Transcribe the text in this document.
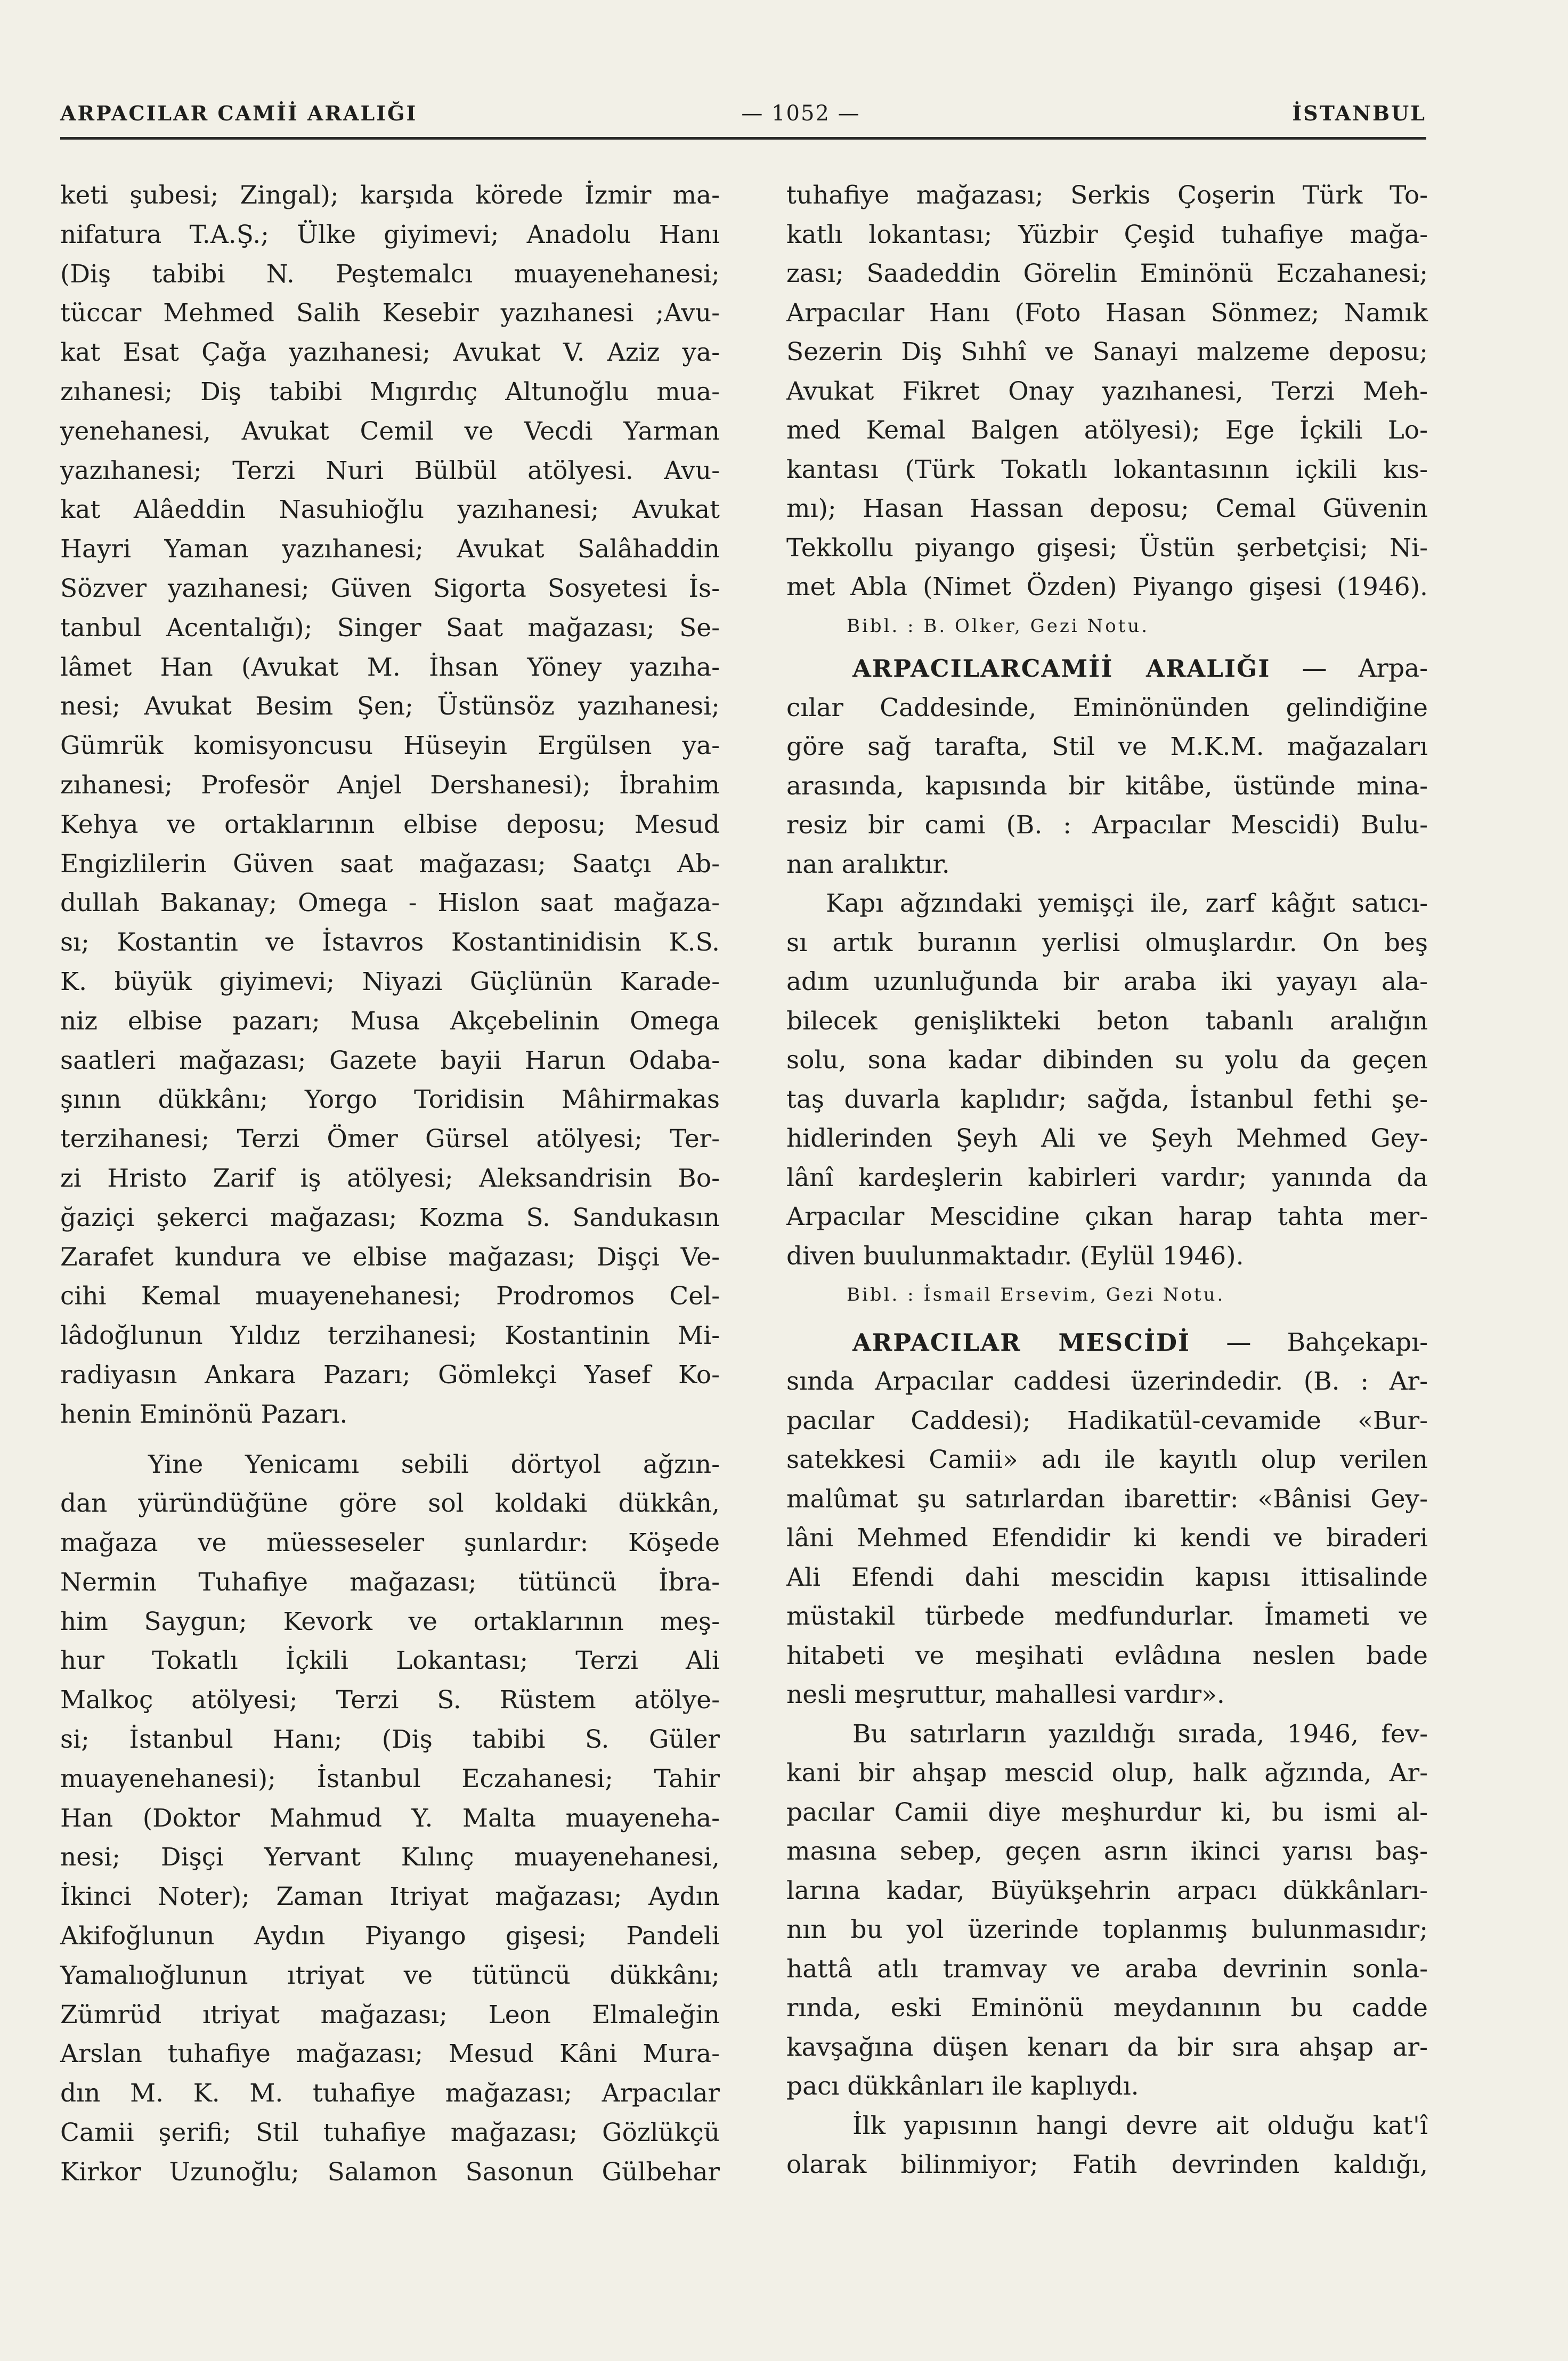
ARPACILAR CAMİİ ARALIĞI	— 1052 —	İSTANBUL
keti şubesi; Zingal); karşıda körede İzmir ma-
nifatura T.A.Ş.; Ülke giyimevi; Anadolu Hanı
(Diş tabibi N. Peştemalcı muayenehanesi;
tüccar Mehmed Salih Kesebir yazıhanesi ;Avu-
kat Esat Çağa yazıhanesi; Avukat V. Aziz ya-
zıhanesi; Diş tabibi Mıgırdıç Altunoğlu mua-
yenehanesi, Avukat Cemil ve Vecdi Yarman
yazıhanesi; Terzi Nuri Bülbül atölyesi. Avu-
kat Alâeddin Nasuhioğlu yazıhanesi; Avukat
Hayri Yaman yazıhanesi; Avukat Salâhaddin
Sözver yazıhanesi; Güven Sigorta Sosyetesi İs-
tanbul Acentalığı); Singer Saat mağazası; Se-
lâmet Han (Avukat M. İhsan Yöney yazıha-
nesi; Avukat Besim Şen; Üstünsöz yazıhanesi;
Gümrük komisyoncusu Hüseyin Ergülsen ya-
zıhanesi; Profesör Anjel Dershanesi); İbrahim
Kehya ve ortaklarının elbise deposu; Mesud
Engizlilerin Güven saat mağazası; Saatçı Ab-
dullah Bakanay; Omega - Hislon saat mağaza-
sı; Kostantin ve İstavros Kostantinidisin K.S.
K. büyük giyimevi; Niyazi Güçlünün Karade-
niz elbise pazarı; Musa Akçebelinin Omega
saatleri mağazası; Gazete bayii Harun Odaba-
şının dükkânı; Yorgo Toridisin Mâhirmakas
terzihanesi; Terzi Ömer Gürsel atölyesi; Ter-
zi Hristo Zarif iş atölyesi; Aleksandrisin Bo-
ğaziçi şekerci mağazası; Kozma S. Sandukasın
Zarafet kundura ve elbise mağazası; Dişçi Ve-
cihi Kemal muayenehanesi; Prodromos Cel-
lâdoğlunun Yıldız terzihanesi; Kostantinin Mi-
radiyasın Ankara Pazarı; Gömlekçi Yasef Ko-
henin Eminönü Pazarı.
Yine Yenicamı sebili dörtyol ağzın-
dan yüründüğüne göre sol koldaki dükkân,
mağaza ve müesseseler şunlardır: Köşede
Nermin Tuhafiye mağazası; tütüncü İbra-
him Saygun; Kevork ve ortaklarının meş-
hur Tokatlı İçkili Lokantası; Terzi Ali
Malkoç atölyesi; Terzi S. Rüstem atölye-
si; İstanbul Hanı; (Diş tabibi S. Güler
muayenehanesi); İstanbul Eczahanesi; Tahir
Han (Doktor Mahmud Y. Malta muayeneha-
nesi; Dişçi Yervant Kılınç muayenehanesi,
İkinci Noter); Zaman Itriyat mağazası; Aydın
Akifoğlunun Aydın Piyango gişesi; Pandeli
Yamalıoğlunun ıtriyat ve tütüncü dükkânı;
Zümrüd ıtriyat mağazası; Leon Elmaleğin
Arslan tuhafiye mağazası; Mesud Kâni Mura-
dın M. K. M. tuhafiye mağazası; Arpacılar
Camii şerifi; Stil tuhafiye mağazası; Gözlükçü
Kirkor Uzunoğlu; Salamon Sasonun Gülbehar
tuhafiye mağazası; Serkis Çoşerin Türk To-
katlı lokantası; Yüzbir Çeşid tuhafiye mağa-
zası; Saadeddin Görelin Eminönü Eczahanesi;
Arpacılar Hanı (Foto Hasan Sönmez; Namık
Sezerin Diş Sıhhî ve Sanayi malzeme deposu;
Avukat Fikret Onay yazıhanesi, Terzi Meh-
med Kemal Balgen atölyesi); Ege İçkili Lo-
kantası (Türk Tokatlı lokantasının içkili kıs-
mı); Hasan Hassan deposu; Cemal Güvenin
Tekkollu piyango gişesi; Üstün şerbetçisi; Ni-
met Abla (Nimet Özden) Piyango gişesi (1946).
Bibl. : B. Olker, Gezi Notu.
ARPACILARCAMİİ ARALIĞI — Arpa-
cılar Caddesinde, Eminönünden gelindiğine
göre sağ tarafta, Stil ve M.K.M. mağazaları
arasında, kapısında bir kitâbe, üstünde mina-
resiz bir cami (B. : Arpacılar Mescidi) Bulu-
nan aralıktır.
Kapı ağzındaki yemişçi ile, zarf kâğıt satıcı-
sı artık buranın yerlisi olmuşlardır. On beş
adım uzunluğunda bir araba iki yayayı ala-
bilecek genişlikteki beton tabanlı aralığın
solu, sona kadar dibinden su yolu da geçen
taş duvarla kaplıdır; sağda, İstanbul fethi şe-
hidlerinden Şeyh Ali ve Şeyh Mehmed Gey-
lânî kardeşlerin kabirleri vardır; yanında da
Arpacılar Mescidine çıkan harap tahta mer-
diven buulunmaktadır. (Eylül 1946).
Bibl. : İsmail Ersevim, Gezi Notu.
ARPACILAR MESCİDİ — Bahçekapı-
sında Arpacılar caddesi üzerindedir. (B. : Ar-
pacılar Caddesi); Hadikatül-cevamide «Bur-
satekkesi Camii» adı ile kayıtlı olup verilen
malûmat şu satırlardan ibarettir: «Bânisi Gey-
lâni Mehmed Efendidir ki kendi ve biraderi
Ali Efendi dahi mescidin kapısı ittisalinde
müstakil türbede medfundurlar. İmameti ve
hitabeti ve meşihati evlâdına neslen bade
nesli meşruttur, mahallesi vardır».
Bu satırların yazıldığı sırada, 1946, fev-
kani bir ahşap mescid olup, halk ağzında, Ar-
pacılar Camii diye meşhurdur ki, bu ismi al-
masına sebep, geçen asrın ikinci yarısı baş-
larına kadar, Büyükşehrin arpacı dükkânları-
nın bu yol üzerinde toplanmış bulunmasıdır;
hattâ atlı tramvay ve araba devrinin sonla-
rında, eski Eminönü meydanının bu cadde
kavşağına düşen kenarı da bir sıra ahşap ar-
pacı dükkânları ile kaplıydı.
İlk yapısının hangi devre ait olduğu kat'î
olarak bilinmiyor; Fatih devrinden kaldığı,
